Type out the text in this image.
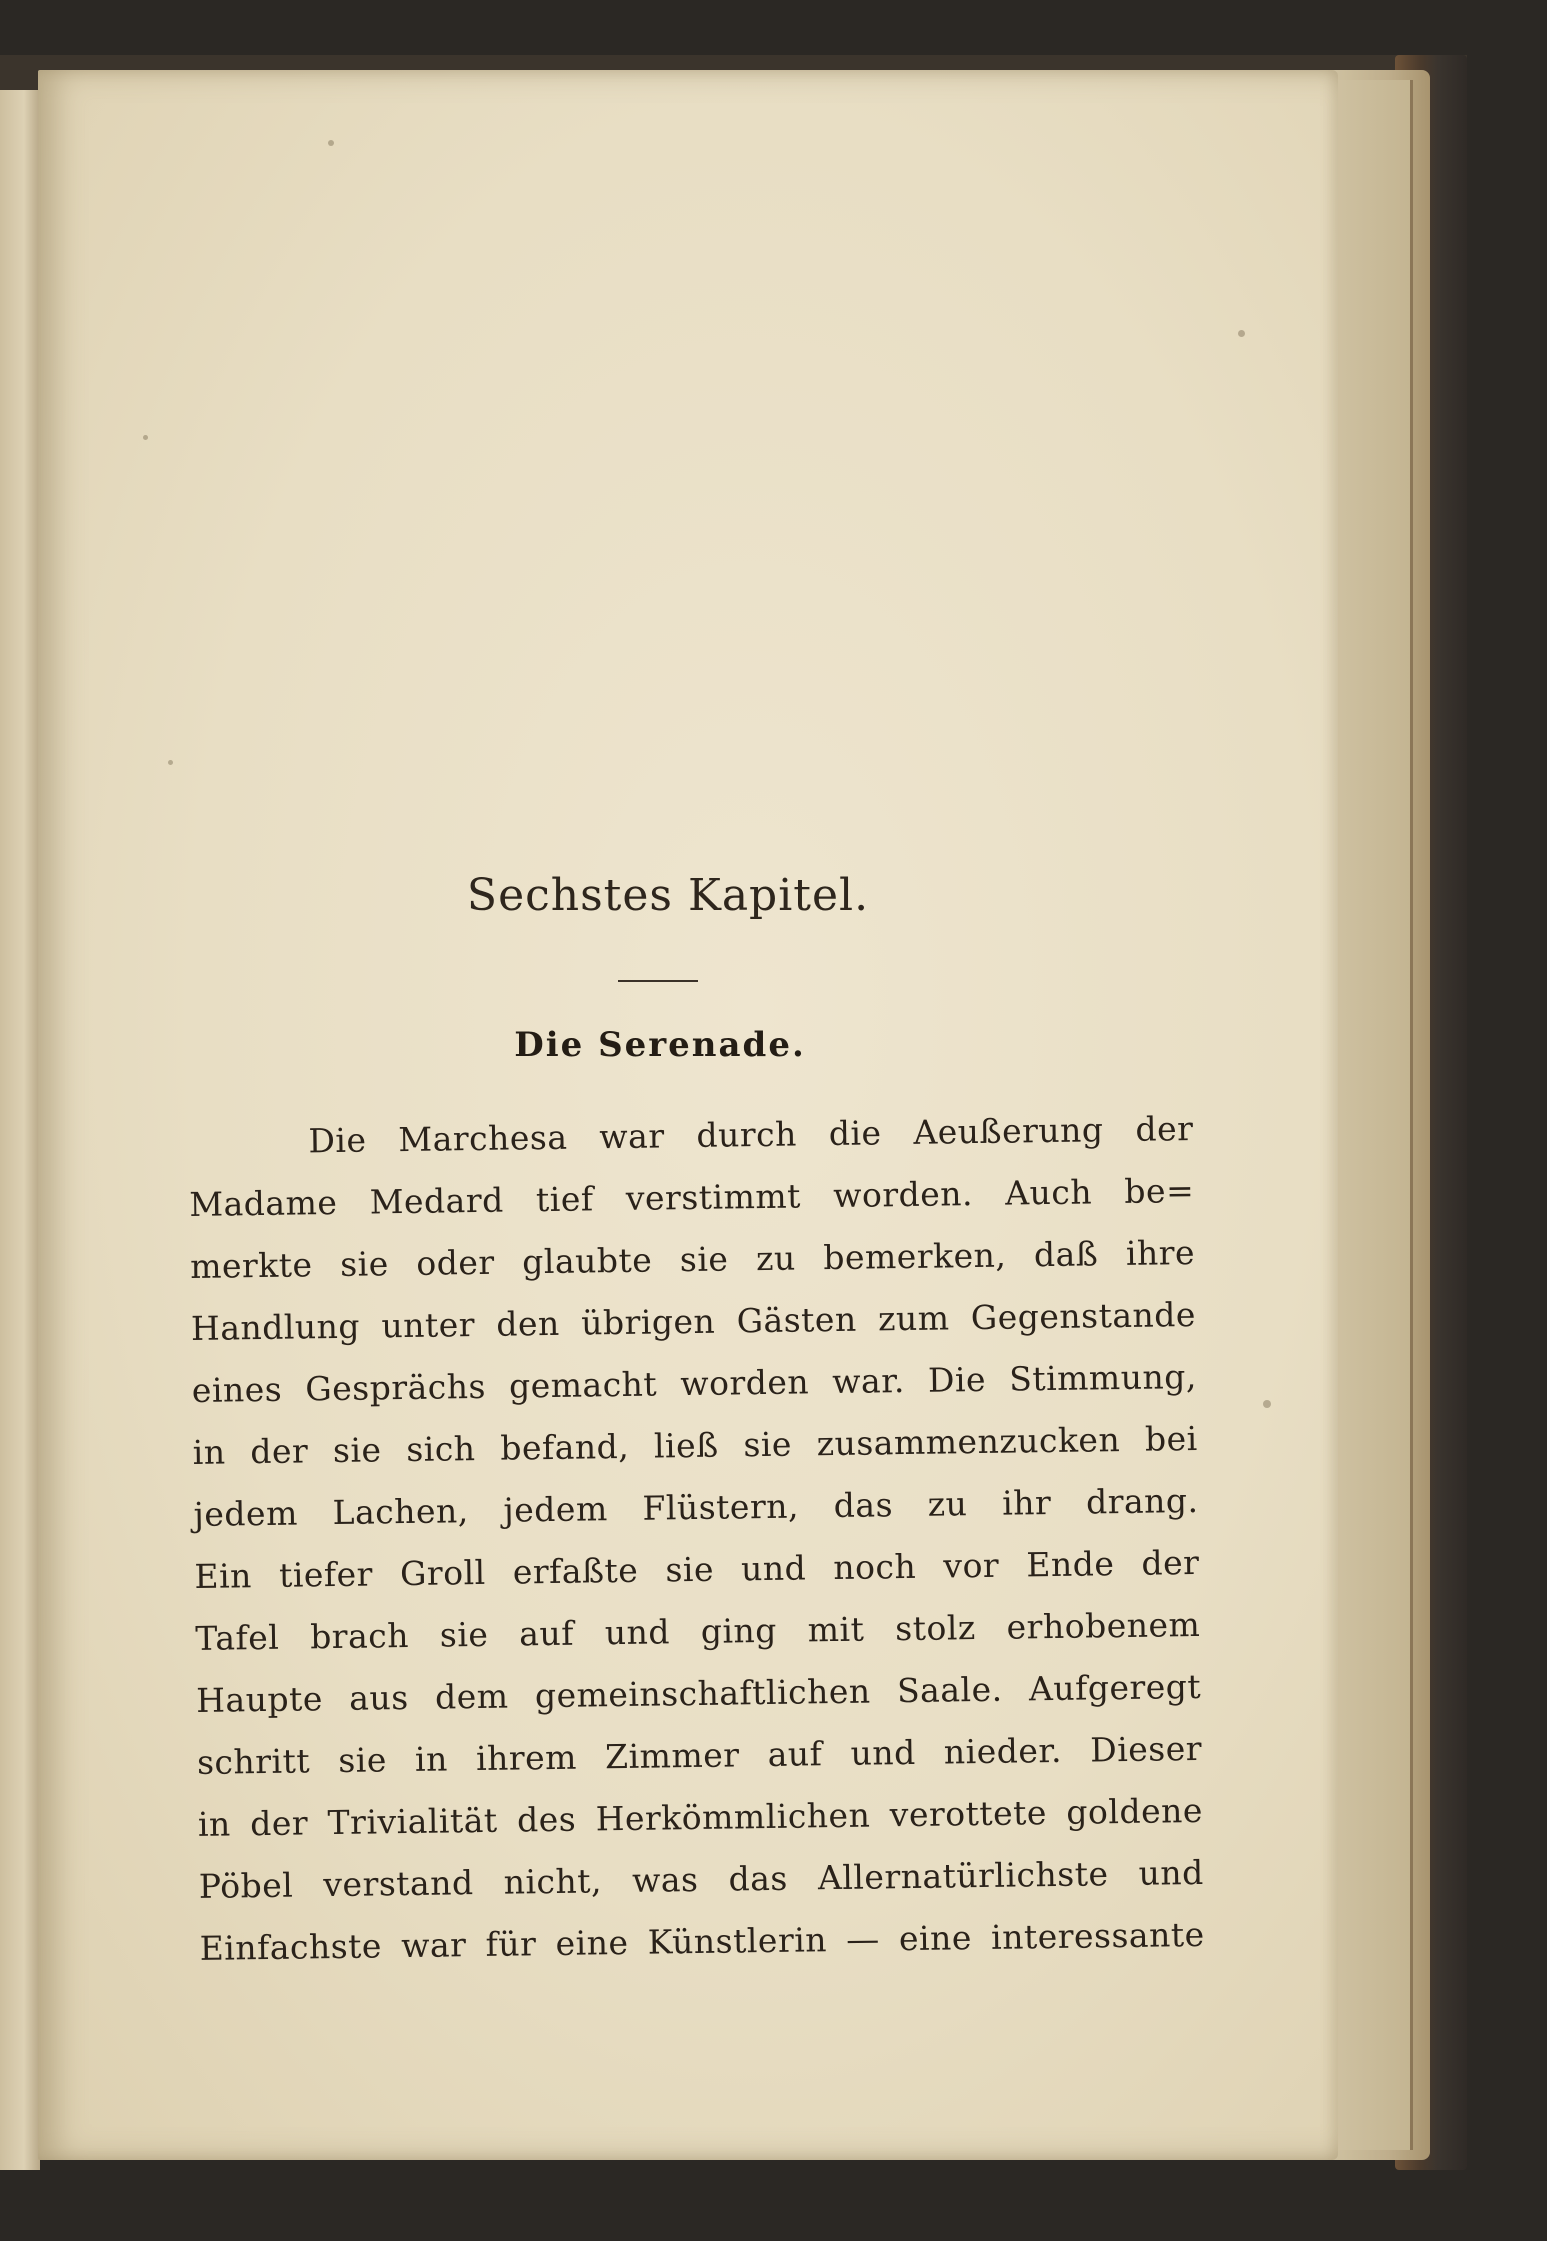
Sechstes Kapitel.
Die Serenade.
Die Marchesa war durch die Aeußerung der
Madame Medard tief verstimmt worden. Auch be=
merkte sie oder glaubte sie zu bemerken, daß ihre
Handlung unter den übrigen Gästen zum Gegenstande
eines Gesprächs gemacht worden war. Die Stimmung,
in der sie sich befand, ließ sie zusammenzucken bei
jedem Lachen, jedem Flüstern, das zu ihr drang.
Ein tiefer Groll erfaßte sie und noch vor Ende der
Tafel brach sie auf und ging mit stolz erhobenem
Haupte aus dem gemeinschaftlichen Saale. Aufgeregt
schritt sie in ihrem Zimmer auf und nieder. Dieser
in der Trivialität des Herkömmlichen verottete goldene
Pöbel verstand nicht, was das Allernatürlichste und
Einfachste war für eine Künstlerin — eine interessante
